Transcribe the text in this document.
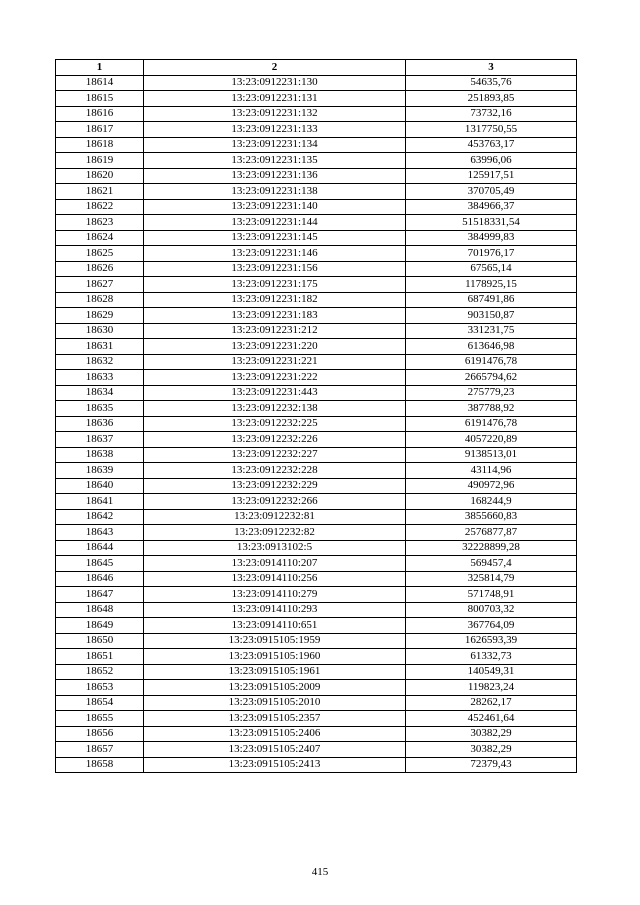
1	2	3
18614	13:23:0912231:130	54635,76
18615	13:23:0912231:131	251893,85
18616	13:23:0912231:132	73732,16
18617	13:23:0912231:133	1317750,55
18618	13:23:0912231:134	453763,17
18619	13:23:0912231:135	63996,06
18620	13:23:0912231:136	125917,51
18621	13:23:0912231:138	370705,49
18622	13:23:0912231:140	384966,37
18623	13:23:0912231:144	51518331,54
18624	13:23:0912231:145	384999,83
18625	13:23:0912231:146	701976,17
18626	13:23:0912231:156	67565,14
18627	13:23:0912231:175	1178925,15
18628	13:23:0912231:182	687491,86
18629	13:23:0912231:183	903150,87
18630	13:23:0912231:212	331231,75
18631	13:23:0912231:220	613646,98
18632	13:23:0912231:221	6191476,78
18633	13:23:0912231:222	2665794,62
18634	13:23:0912231:443	275779,23
18635	13:23:0912232:138	387788,92
18636	13:23:0912232:225	6191476,78
18637	13:23:0912232:226	4057220,89
18638	13:23:0912232:227	9138513,01
18639	13:23:0912232:228	43114,96
18640	13:23:0912232:229	490972,96
18641	13:23:0912232:266	168244,9
18642	13:23:0912232:81	3855660,83
18643	13:23:0912232:82	2576877,87
18644	13:23:0913102:5	32228899,28
18645	13:23:0914110:207	569457,4
18646	13:23:0914110:256	325814,79
18647	13:23:0914110:279	571748,91
18648	13:23:0914110:293	800703,32
18649	13:23:0914110:651	367764,09
18650	13:23:0915105:1959	1626593,39
18651	13:23:0915105:1960	61332,73
18652	13:23:0915105:1961	140549,31
18653	13:23:0915105:2009	119823,24
18654	13:23:0915105:2010	28262,17
18655	13:23:0915105:2357	452461,64
18656	13:23:0915105:2406	30382,29
18657	13:23:0915105:2407	30382,29
18658	13:23:0915105:2413	72379,43
415
